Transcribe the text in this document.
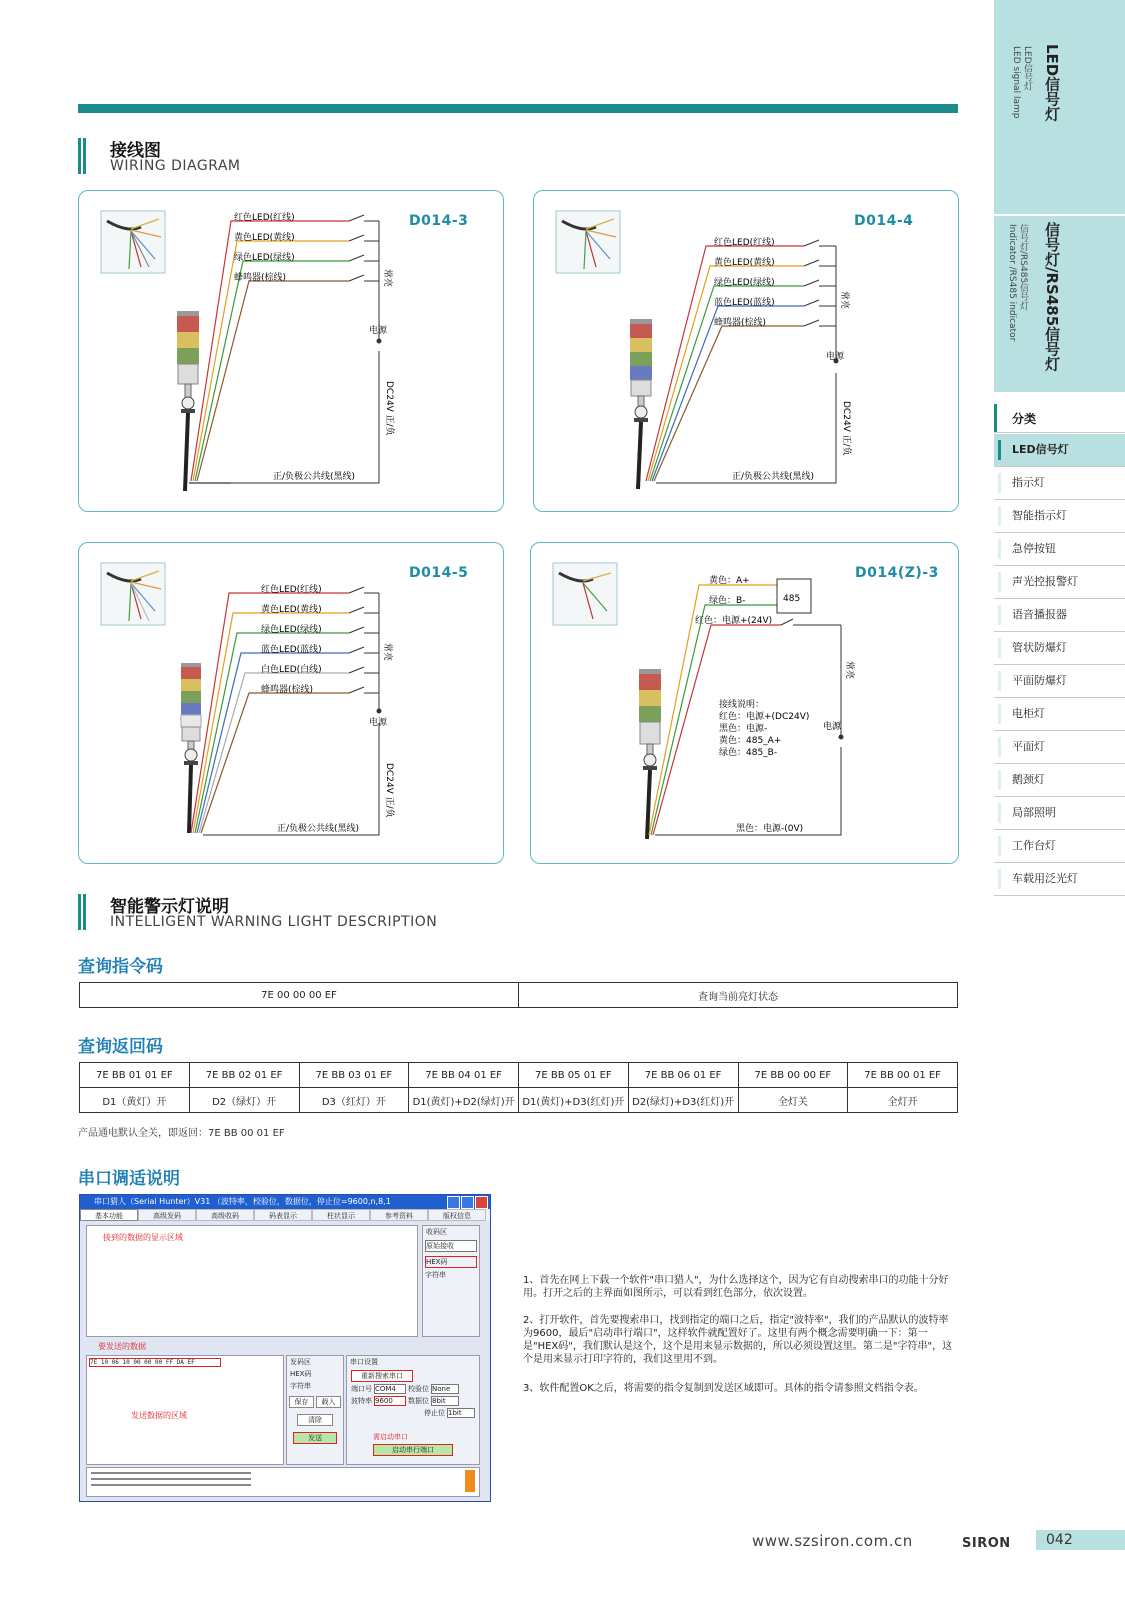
接线图
WIRING DIAGRAM
D014-3
红色LED(红线)
黄色LED(黄线)
绿色LED(绿线)
蜂鸣器(棕线)	常亮
电源
DC24V 正/负
正/负极公共线(黑线)
D014-4
红色LED(红线)
黄色LED(黄线)
绿色LED(绿线)
蓝色LED(蓝线)
蜂鸣器(棕线)
常亮
电源
DC24V 正/负
正/负极公共线(黑线)
D014-5
红色LED(红线)
黄色LED(黄线)
绿色LED(绿线)
蓝色LED(蓝线)
白色LED(白线)
蜂鸣器(棕线)
常亮
电源
DC24V 正/负
正/负极公共线(黑线)
D014(Z)-3
485
黄色：A+
绿色：B-
红色：电源+(24V)
常亮
电源
接线说明：
红色：电源+(DC24V)
黑色：电源-
黄色：485_A+
绿色：485_B-
黑色：电源-(0V)
智能警示灯说明
INTELLIGENT WARNING LIGHT DESCRIPTION
查询指令码
7E 00 00 00 EF	查询当前亮灯状态
查询返回码
7E BB 01 01 EF	7E BB 02 01 EF	7E BB 03 01 EF	7E BB 04 01 EF	7E BB 05 01 EF	7E BB 06 01 EF	7E BB 00 00 EF	7E BB 00 01 EF
D1（黄灯）开	D2（绿灯）开	D3（红灯）开	D1(黄灯)+D2(绿灯)开	D1(黄灯)+D3(红灯)开	D2(绿灯)+D3(红灯)开	全灯关	全灯开
产品通电默认全关，即返回：7E BB 00 01 EF
串口调适说明
串口猎人（Serial Hunter）V31 （波特率，校验位，数据位，停止位=9600,n,8,1
基本功能	高级发码	高级收码	码表显示	柱状显示	参考资料	版权信息
接到的数据的显示区域
收码区
原始接收
HEX码
字符串
要发送的数据
7E 10 06 10 00 00 00 FF DA EF
发送数据的区域
发码区
HEX码
字符串
保存	载入
清除
发送
串口设置
重新搜索串口
端口号 COM4	校验位 None
波特率 9600	数据位 8bit
停止位 1bit
需启动串口
启动串行端口
1、首先在网上下载一个软件"串口猎人"，为什么选择这个，因为它有自动搜索串口的功能十分好用。打开之后的主界面如图所示，可以看到红色部分，依次设置。
2、打开软件，首先要搜索串口，找到指定的端口之后，指定"波特率"，我们的产品默认的波特率为9600，最后"启动串行端口"，这样软件就配置好了。这里有两个概念需要明确一下：第一是"HEX码"，我们默认是这个，这个是用来显示数据的，所以必须设置这里。第二是"字符串"，这个是用来显示打印字符的，我们这里用不到。
3、软件配置OK之后，将需要的指令复制到发送区域即可。具体的指令请参照文档指令表。
LED信号灯
LED信号灯
LED signal lamp
信号灯/RS485信号灯
信号灯/RS485信号灯
Indicator /RS485 indicator
分类
LED信号灯
指示灯
智能指示灯
急停按钮
声光控报警灯
语音播报器
管状防爆灯
平面防爆灯
电柜灯
平面灯
鹅颈灯
局部照明
工作台灯
车载用泛光灯
www.szsiron.com.cn	SIRON	042
